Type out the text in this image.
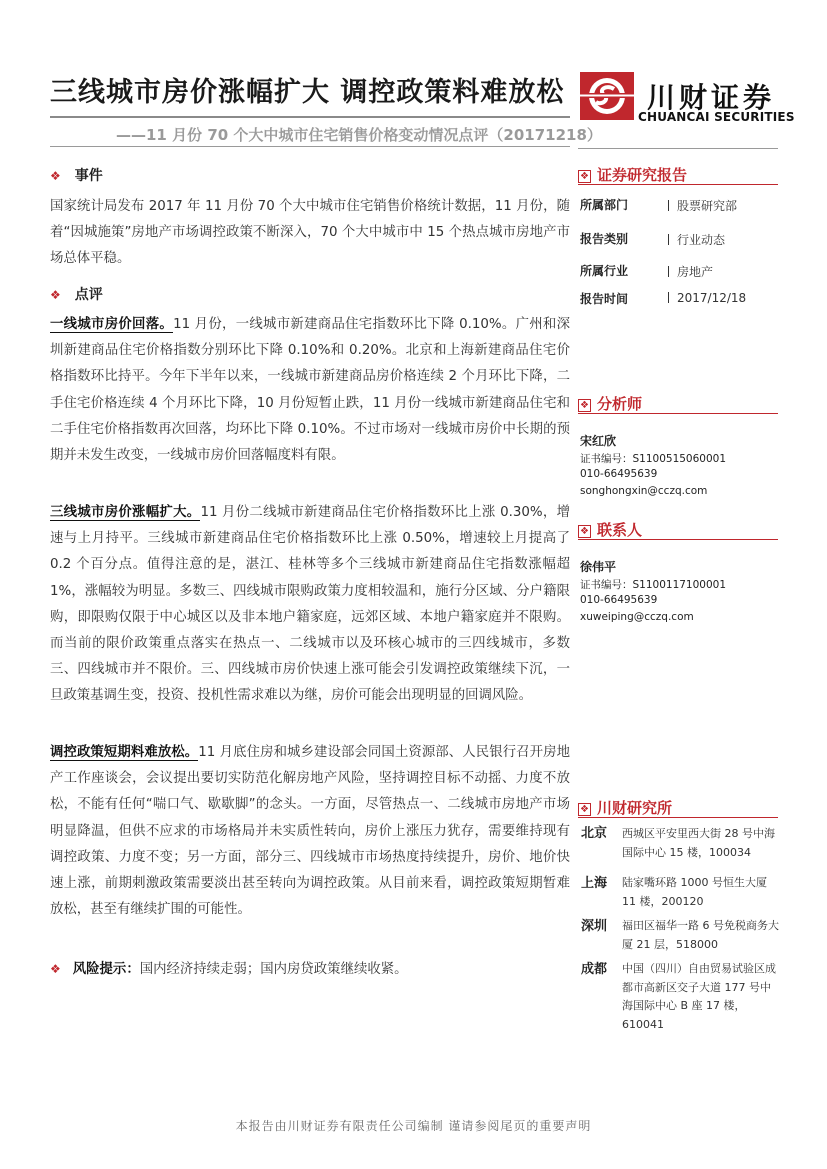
三线城市房价涨幅扩大 调控政策料难放松
——11 月份 70 个大中城市住宅销售价格变动情况点评（20171218）
川财证券
CHUANCAI SECURITIES
❖ 事件
国家统计局发布 2017 年 11 月份 70 个大中城市住宅销售价格统计数据，11 月份，随着“因城施策”房地产市场调控政策不断深入，70 个大中城市中 15 个热点城市房地产市场总体平稳。
❖ 点评
一线城市房价回落。11 月份，一线城市新建商品住宅指数环比下降 0.10%。广州和深圳新建商品住宅价格指数分别环比下降 0.10%和 0.20%。北京和上海新建商品住宅价格指数环比持平。今年下半年以来，一线城市新建商品房价格连续 2 个月环比下降，二手住宅价格连续 4 个月环比下降，10 月份短暂止跌，11 月份一线城市新建商品住宅和二手住宅价格指数再次回落，均环比下降 0.10%。不过市场对一线城市房价中长期的预期并未发生改变，一线城市房价回落幅度料有限。
三线城市房价涨幅扩大。11 月份二线城市新建商品住宅价格指数环比上涨 0.30%，增速与上月持平。三线城市新建商品住宅价格指数环比上涨 0.50%，增速较上月提高了 0.2 个百分点。值得注意的是，湛江、桂林等多个三线城市新建商品住宅指数涨幅超 1%，涨幅较为明显。多数三、四线城市限购政策力度相较温和，施行分区域、分户籍限购，即限购仅限于中心城区以及非本地户籍家庭，远郊区域、本地户籍家庭并不限购。而当前的限价政策重点落实在热点一、二线城市以及环核心城市的三四线城市，多数三、四线城市并不限价。三、四线城市房价快速上涨可能会引发调控政策继续下沉，一旦政策基调生变，投资、投机性需求难以为继，房价可能会出现明显的回调风险。
调控政策短期料难放松。11 月底住房和城乡建设部会同国土资源部、人民银行召开房地产工作座谈会，会议提出要切实防范化解房地产风险，坚持调控目标不动摇、力度不放松，不能有任何“喘口气、歇歇脚”的念头。一方面，尽管热点一、二线城市房地产市场明显降温，但供不应求的市场格局并未实质性转向，房价上涨压力犹存，需要维持现有调控政策、力度不变；另一方面，部分三、四线城市市场热度持续提升，房价、地价快速上涨，前期刺激政策需要淡出甚至转向为调控政策。从目前来看，调控政策短期暂难放松，甚至有继续扩围的可能性。
❖ 风险提示：国内经济持续走弱；国内房贷政策继续收紧。
❖ 证券研究报告
所属部门	股票研究部
报告类别	行业动态
所属行业	房地产
报告时间	2017/12/18
❖ 分析师
宋红欣
证书编号：S1100515060001
010-66495639
songhongxin@cczq.com
❖ 联系人
徐伟平
证书编号：S1100117100001
010-66495639
xuweiping@cczq.com
❖ 川财研究所
北京 西城区平安里西大街 28 号中海国际中心 15 楼，100034
上海 陆家嘴环路 1000 号恒生大厦 11 楼，200120
深圳 福田区福华一路 6 号免税商务大厦 21 层，518000
成都 中国（四川）自由贸易试验区成都市高新区交子大道 177 号中海国际中心 B 座 17 楼，610041
本报告由川财证券有限责任公司编制 谨请参阅尾页的重要声明
